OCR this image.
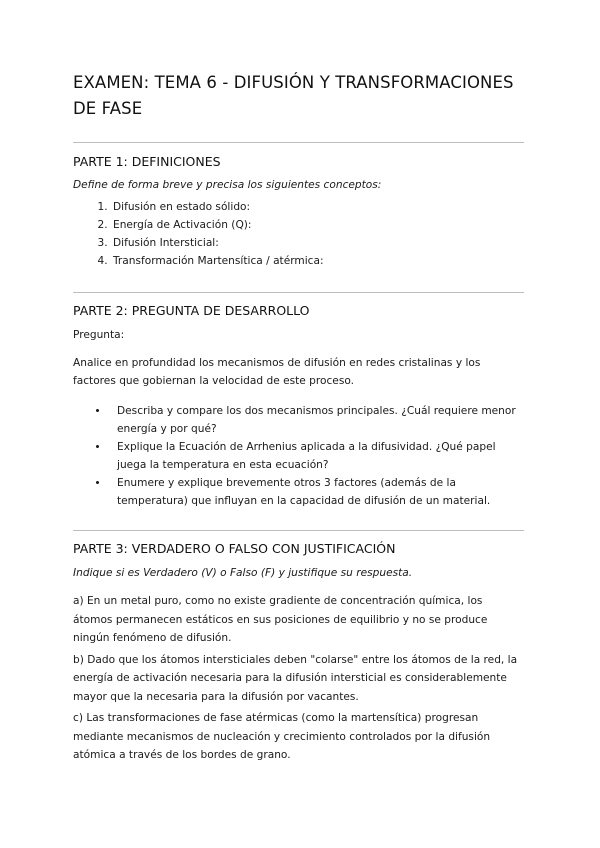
EXAMEN: TEMA 6 - DIFUSIÓN Y TRANSFORMACIONES DE FASE
PARTE 1: DEFINICIONES

Define de forma breve y precisa los siguientes conceptos:

1. Difusión en estado sólido:
2. Energía de Activación (Q):
3. Difusión Intersticial:
4. Transformación Martensítica / atérmica:
PARTE 2: PREGUNTA DE DESARROLLO

Pregunta:

Analice en profundidad los mecanismos de difusión en redes cristalinas y los factores que gobiernan la velocidad de este proceso.

• Describa y compare los dos mecanismos principales. ¿Cuál requiere menor energía y por qué?
• Explique la Ecuación de Arrhenius aplicada a la difusividad. ¿Qué papel juega la temperatura en esta ecuación?
• Enumere y explique brevemente otros 3 factores (además de la temperatura) que influyan en la capacidad de difusión de un material.
PARTE 3: VERDADERO O FALSO CON JUSTIFICACIÓN

Indique si es Verdadero (V) o Falso (F) y justifique su respuesta.

a) En un metal puro, como no existe gradiente de concentración química, los átomos permanecen estáticos en sus posiciones de equilibrio y no se produce ningún fenómeno de difusión.

b) Dado que los átomos intersticiales deben "colarse" entre los átomos de la red, la energía de activación necesaria para la difusión intersticial es considerablemente mayor que la necesaria para la difusión por vacantes.

c) Las transformaciones de fase atérmicas (como la martensítica) progresan mediante mecanismos de nucleación y crecimiento controlados por la difusión atómica a través de los bordes de grano.
